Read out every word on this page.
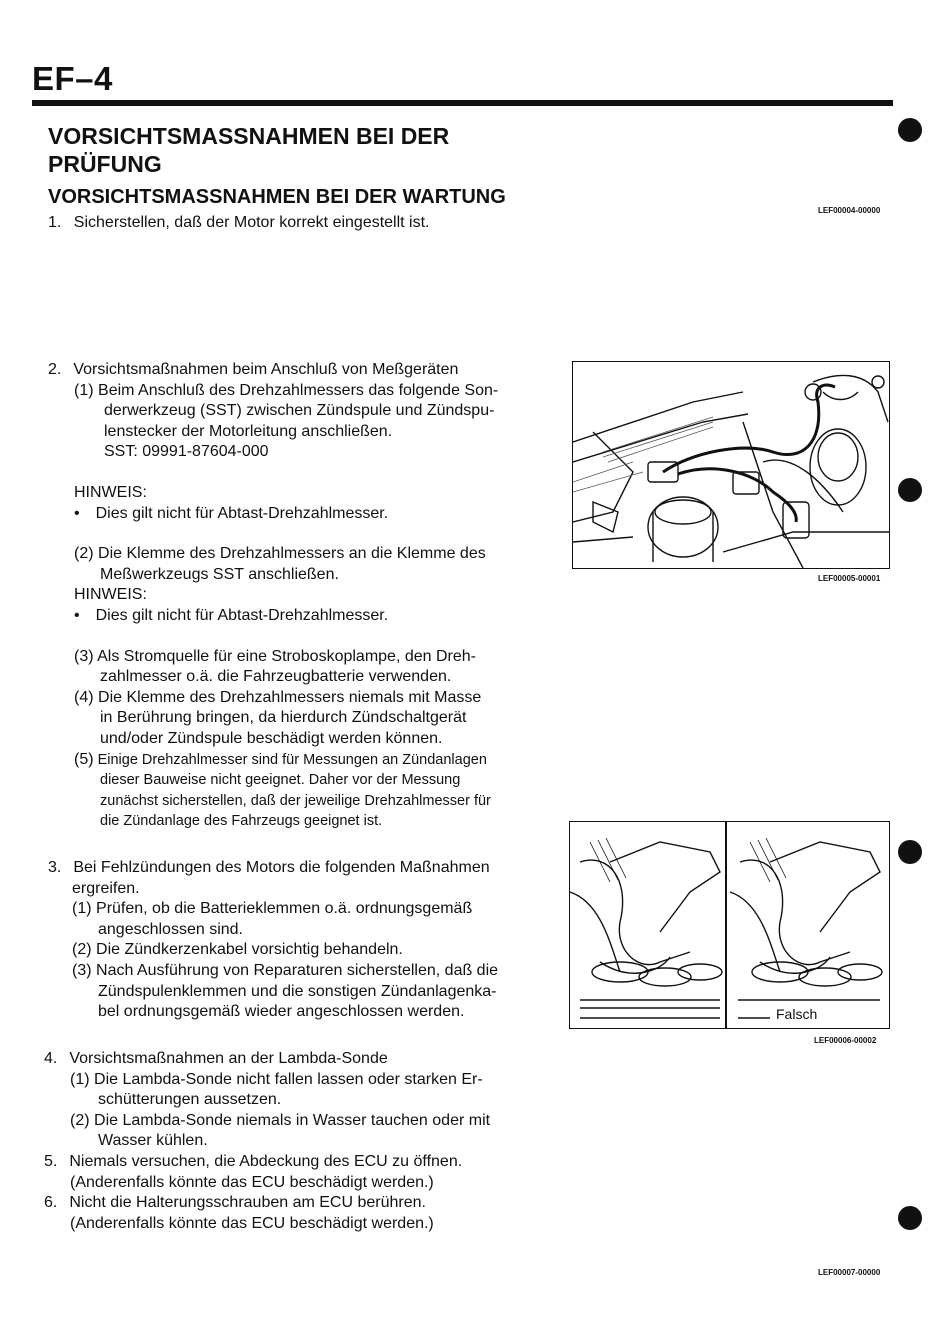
EF–4
VORSICHTSMASSNAHMEN BEI DER PRÜFUNG
VORSICHTSMASSNAHMEN BEI DER WARTUNG
LEF00004-00000
LEF00005-00001
LEF00006-00002
LEF00007-00000
1. Sicherstellen, daß der Motor korrekt eingestellt ist.
2. Vorsichtsmaßnahmen beim Anschluß von Meßgeräten
(1) Beim Anschluß des Drehzahlmessers das folgende Son-
derwerkzeug (SST) zwischen Zündspule und Zündspu-
lenstecker der Motorleitung anschließen.
SST: 09991-87604-000
HINWEIS:
• Dies gilt nicht für Abtast-Drehzahlmesser.
(2) Die Klemme des Drehzahlmessers an die Klemme des
Meßwerkzeugs SST anschließen.
HINWEIS:
• Dies gilt nicht für Abtast-Drehzahlmesser.
(3) Als Stromquelle für eine Stroboskoplampe, den Dreh-
zahlmesser o.ä. die Fahrzeugbatterie verwenden.
(4) Die Klemme des Drehzahlmessers niemals mit Masse
in Berührung bringen, da hierdurch Zündschaltgerät
und/oder Zündspule beschädigt werden können.
(5) Einige Drehzahlmesser sind für Messungen an Zündanlagen
dieser Bauweise nicht geeignet. Daher vor der Messung
zunächst sicherstellen, daß der jeweilige Drehzahlmesser für
die Zündanlage des Fahrzeugs geeignet ist.
3. Bei Fehlzündungen des Motors die folgenden Maßnahmen
ergreifen.
(1) Prüfen, ob die Batterieklemmen o.ä. ordnungsgemäß
angeschlossen sind.
(2) Die Zündkerzenkabel vorsichtig behandeln.
(3) Nach Ausführung von Reparaturen sicherstellen, daß die
Zündspulenklemmen und die sonstigen Zündanlagenka-
bel ordnungsgemäß wieder angeschlossen werden.
4. Vorsichtsmaßnahmen an der Lambda-Sonde
(1) Die Lambda-Sonde nicht fallen lassen oder starken Er-
schütterungen aussetzen.
(2) Die Lambda-Sonde niemals in Wasser tauchen oder mit
Wasser kühlen.
5. Niemals versuchen, die Abdeckung des ECU zu öffnen.
(Anderenfalls könnte das ECU beschädigt werden.)
6. Nicht die Halterungsschrauben am ECU berühren.
(Anderenfalls könnte das ECU beschädigt werden.)
Falsch
